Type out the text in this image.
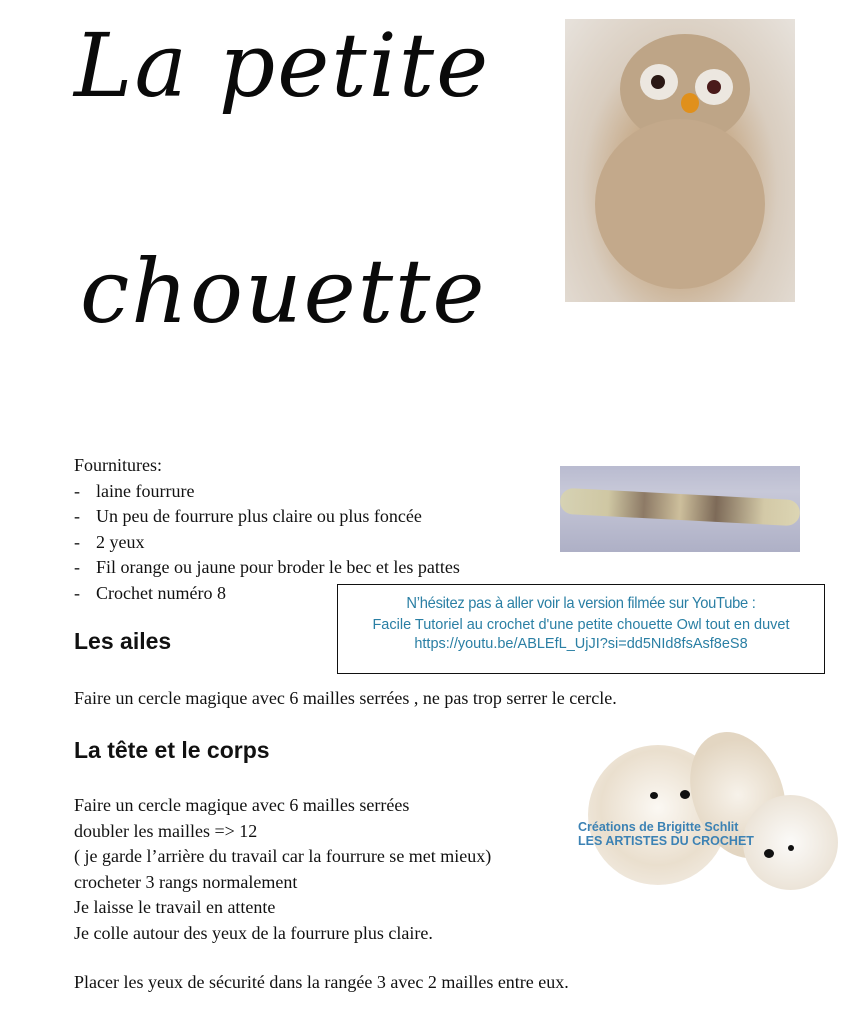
La petite
chouette
Fournitures:
- laine fourrure
- Un peu de fourrure plus claire ou plus foncée
- 2 yeux
- Fil orange ou jaune pour broder le bec et les pattes
- Crochet numéro 8
N’hésitez pas à aller voir la version filmée sur YouTube :
Facile Tutoriel au crochet d'une petite chouette Owl tout en duvet
https://youtu.be/ABLEfL_UjJI?si=dd5NId8fsAsf8eS8
Les ailes
Faire un cercle magique avec 6 mailles serrées , ne pas trop serrer le cercle.
La tête et le corps
Faire un cercle magique avec 6 mailles serrées
doubler les mailles => 12
( je garde l’arrière du travail car la fourrure se met mieux)
crocheter 3 rangs normalement
Je laisse le travail en attente
Je colle autour des yeux de la fourrure plus claire.
Placer les yeux de sécurité dans la rangée 3 avec 2 mailles entre eux.
Créations de Brigitte Schlit
LES ARTISTES DU CROCHET
